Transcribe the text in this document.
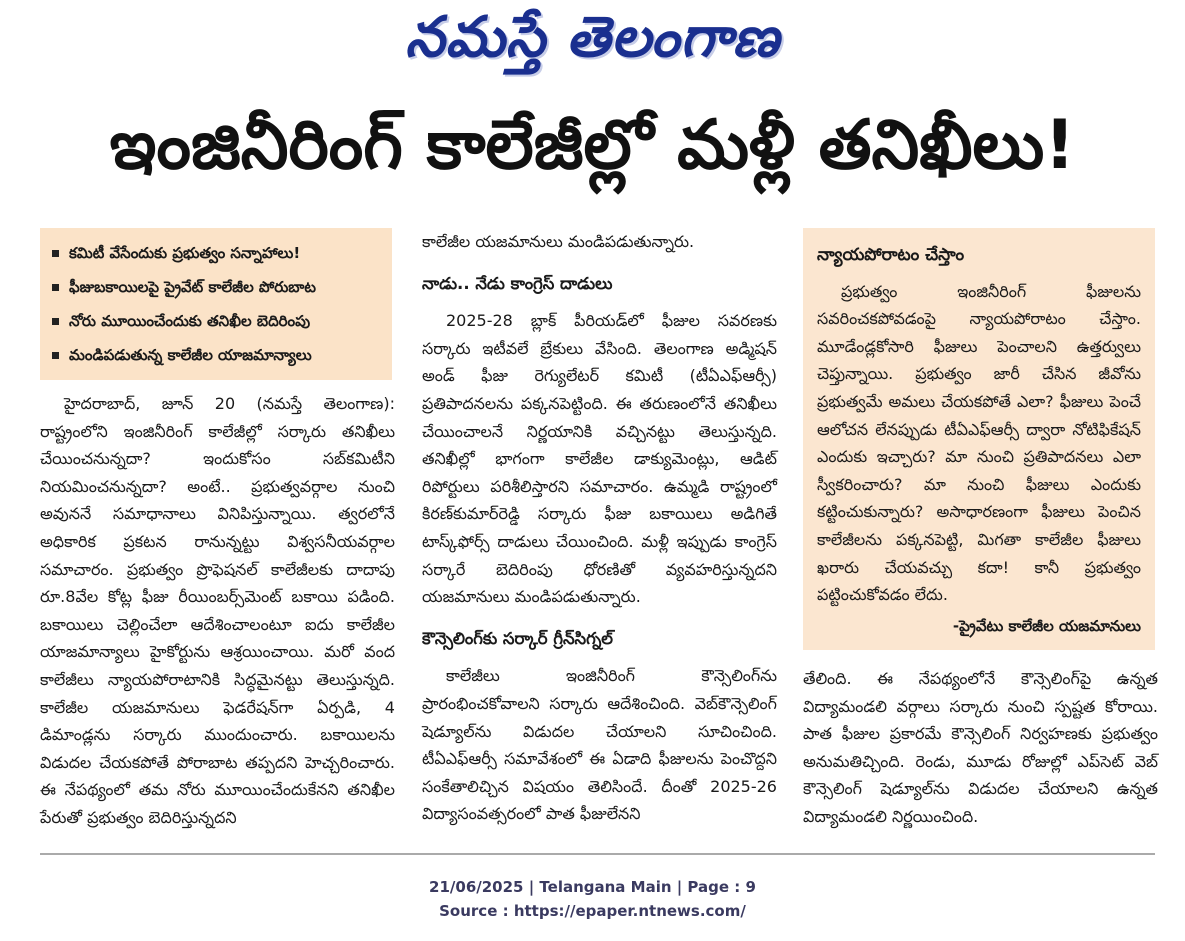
నమస్తే తెలంగాణ
ఇంజినీరింగ్ కాలేజీల్లో మళ్లీ తనిఖీలు!
కమిటీ వేసేందుకు ప్రభుత్వం సన్నాహాలు!
ఫీజుబకాయిలపై ప్రైవేట్ కాలేజీల పోరుబాట
నోరు మూయించేందుకు తనిఖీల బెదిరింపు
మండిపడుతున్న కాలేజీల యాజమాన్యాలు

హైదరాబాద్, జూన్ 20 (నమస్తే తెలంగాణ): రాష్ట్రంలోని ఇంజినీరింగ్ కాలేజీల్లో సర్కారు తనిఖీలు చేయించనున్నదా? ఇందుకోసం సబ్‌కమిటీని నియమించనున్నదా? అంటే.. ప్రభుత్వవర్గాల నుంచి అవుననే సమాధానాలు వినిపిస్తున్నాయి. త్వరలోనే అధికారిక ప్రకటన రానున్నట్టు విశ్వసనీయవర్గాల సమాచారం. ప్రభుత్వం ప్రొఫెషనల్ కాలేజీలకు దాదాపు రూ.8వేల కోట్ల ఫీజు రీయింబర్స్‌మెంట్ బకాయి పడింది. బకాయిలు చెల్లించేలా ఆదేశించాలంటూ ఐదు కాలేజీల యాజమాన్యాలు హైకోర్టును ఆశ్రయించాయి. మరో వంద కాలేజీలు న్యాయపోరాటానికి సిద్ధమైనట్టు తెలుస్తున్నది. కాలేజీల యజమానులు ఫెడరేషన్‌గా ఏర్పడి, 4 డిమాండ్లను సర్కారు ముందుంచారు. బకాయిలను విడుదల చేయకపోతే పోరాబాట తప్పదని హెచ్చరించారు. ఈ నేపథ్యంలో తమ నోరు మూయించేందుకేనని తనిఖీల పేరుతో ప్రభుత్వం బెదిరిస్తున్నదని

కాలేజీల యజమానులు మండిపడుతున్నారు.

నాడు.. నేడు కాంగ్రెస్ దాడులు

2025-28 బ్లాక్ పీరియడ్‌లో ఫీజుల సవరణకు సర్కారు ఇటీవలే బ్రేకులు వేసింది. తెలంగాణ అడ్మిషన్ అండ్ ఫీజు రెగ్యులేటర్ కమిటీ (టీఏఎఫ్‌ఆర్సీ) ప్రతిపాదనలను పక్కనపెట్టింది. ఈ తరుణంలోనే తనిఖీలు చేయించాలనే నిర్ణయానికి వచ్చినట్టు తెలుస్తున్నది. తనిఖీల్లో భాగంగా కాలేజీల డాక్యుమెంట్లు, ఆడిట్ రిపోర్టులు పరిశీలిస్తారని సమాచారం. ఉమ్మడి రాష్ట్రంలో కిరణ్‌కుమార్‌రెడ్డి సర్కారు ఫీజు బకాయిలు అడిగితే టాస్క్‌ఫోర్స్ దాడులు చేయించింది. మళ్లీ ఇప్పుడు కాంగ్రెస్ సర్కారే బెదిరింపు ధోరణితో వ్యవహరిస్తున్నదని యజమానులు మండిపడుతున్నారు.

కౌన్సెలింగ్‌కు సర్కార్ గ్రీన్‌సిగ్నల్

కాలేజీలు ఇంజినీరింగ్ కౌన్సెలింగ్‌ను ప్రారంభించకోవాలని సర్కారు ఆదేశించింది. వెబ్‌కౌన్సెలింగ్ షెడ్యూల్‌ను విడుదల చేయాలని సూచించింది. టీఏఎఫ్‌ఆర్సీ సమావేశంలో ఈ ఏడాది ఫీజులను పెంచొద్దని సంకేతాలిచ్చిన విషయం తెలిసిందే. దీంతో 2025-26 విద్యాసంవత్సరంలో పాత ఫీజులేనని

న్యాయపోరాటం చేస్తాం

ప్రభుత్వం ఇంజినీరింగ్ ఫీజులను సవరించకపోవడంపై న్యాయపోరాటం చేస్తాం. మూడేండ్లకోసారి ఫీజులు పెంచాలని ఉత్తర్వులు చెప్తున్నాయి. ప్రభుత్వం జారీ చేసిన జీవోను ప్రభుత్వమే అమలు చేయకపోతే ఎలా? ఫీజులు పెంచే ఆలోచన లేనప్పుడు టీఏఎఫ్‌ఆర్సీ ద్వారా నోటిఫికేషన్ ఎందుకు ఇచ్చారు? మా నుంచి ప్రతిపాదనలు ఎలా స్వీకరించారు? మా నుంచి ఫీజులు ఎందుకు కట్టించుకున్నారు? అసాధారణంగా ఫీజులు పెంచిన కాలేజీలను పక్కనపెట్టి, మిగతా కాలేజీల ఫీజులు ఖరారు చేయవచ్చు కదా! కానీ ప్రభుత్వం పట్టించుకోవడం లేదు.

-ప్రైవేటు కాలేజీల యజమానులు

తేలింది. ఈ నేపథ్యంలోనే కౌన్సెలింగ్‌పై ఉన్నత విద్యామండలి వర్గాలు సర్కారు నుంచి స్పష్టత కోరాయి. పాత ఫీజుల ప్రకారమే కౌన్సెలింగ్ నిర్వహణకు ప్రభుత్వం అనుమతిచ్చింది. రెండు, మూడు రోజుల్లో ఎప్‌సెట్ వెబ్ కౌన్సెలింగ్ షెడ్యూల్‌ను విడుదల చేయాలని ఉన్నత విద్యామండలి నిర్ణయించింది.

21/06/2025 | Telangana Main | Page : 9
Source : https://epaper.ntnews.com/
